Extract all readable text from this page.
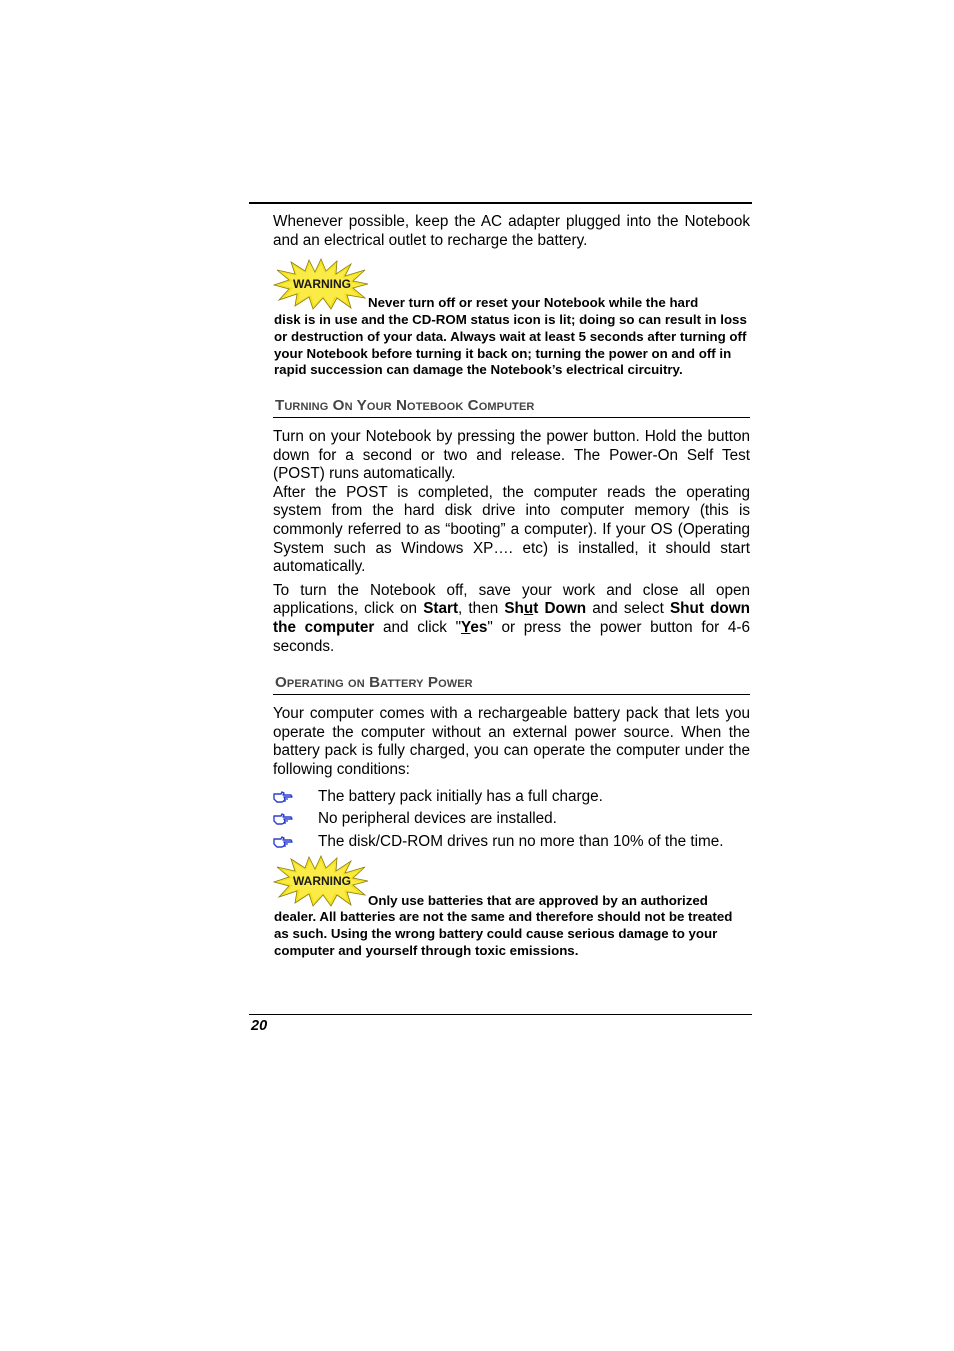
Whenever possible, keep the AC adapter plugged into the Notebook and an electrical outlet to recharge the battery.

WARNING
Never turn off or reset your Notebook while the hard

disk is in use and the CD-ROM status icon is lit; doing so can result in loss or destruction of your data. Always wait at least 5 seconds after turning off your Notebook before turning it back on; turning the power on and off in rapid succession can damage the Notebook’s electrical circuitry.

Turning On Your Notebook Computer

Turn on your Notebook by pressing the power button. Hold the button down for a second or two and release. The Power-On Self Test (POST) runs automatically.

After the POST is completed, the computer reads the operating system from the hard disk drive into computer memory (this is commonly referred to as “booting” a computer). If your OS (Operating System such as Windows XP…. etc) is installed, it should start automatically.

To turn the Notebook off, save your work and close all open applications, click on Start, then Shut Down and select Shut down the computer and click "Yes" or press the power button for 4-6 seconds.

Operating on Battery Power

Your computer comes with a rechargeable battery pack that lets you operate the computer without an external power source. When the battery pack is fully charged, you can operate the computer under the following conditions:

The battery pack initially has a full charge.
No peripheral devices are installed.
The disk/CD-ROM drives run no more than 10% of the time.
WARNING
Only use batteries that are approved by an authorized

dealer. All batteries are not the same and therefore should not be treated as such. Using the wrong battery could cause serious damage to your computer and yourself through toxic emissions.

20
